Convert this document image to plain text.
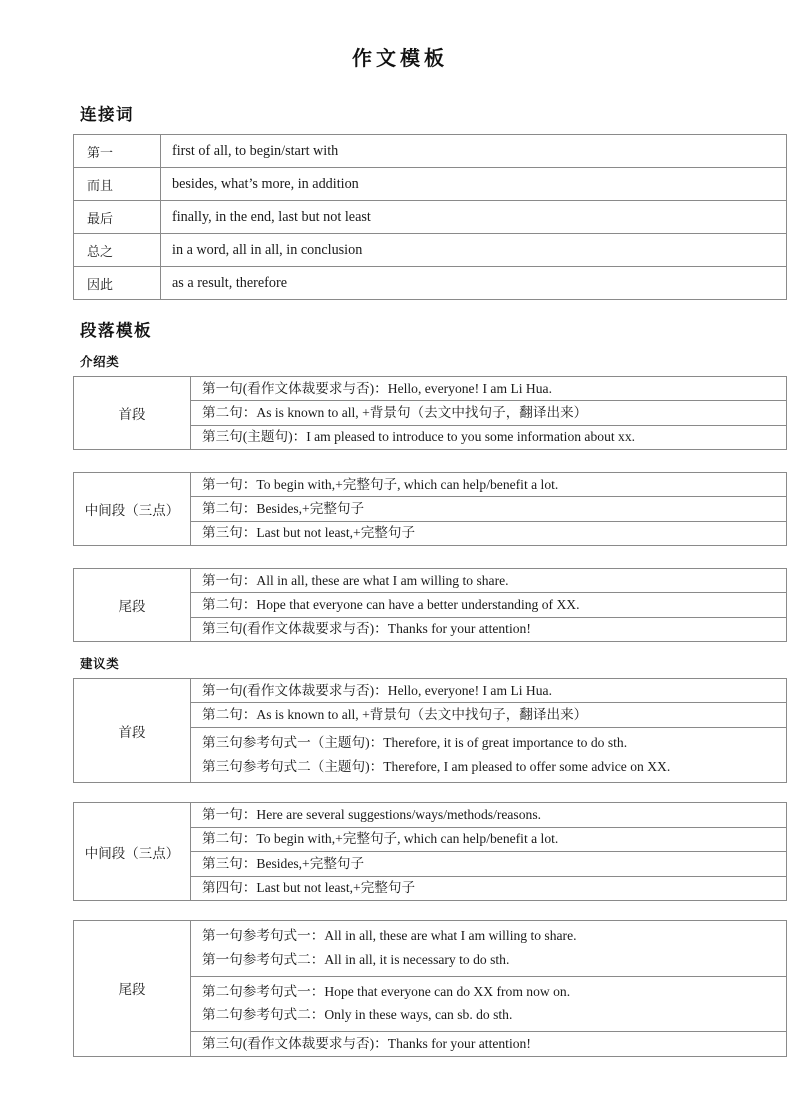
作文模板
连接词
第一	first of all, to begin/start with
而且	besides, what’s more, in addition
最后	finally, in the end, last but not least
总之	in a word, all in all, in conclusion
因此	as a result, therefore
段落模板
介绍类
首段	第一句(看作文体裁要求与否)：Hello, everyone! I am Li Hua.
第二句：As is known to all, +背景句（去文中找句子，翻译出来）
第三句(主题句)：I am pleased to introduce to you some information about xx.
中间段（三点）	第一句：To begin with,+完整句子, which can help/benefit a lot.
第二句：Besides,+完整句子
第三句：Last but not least,+完整句子
尾段	第一句：All in all, these are what I am willing to share.
第二句：Hope that everyone can have a better understanding of XX.
第三句(看作文体裁要求与否)：Thanks for your attention!
建议类
首段	第一句(看作文体裁要求与否)：Hello, everyone! I am Li Hua.
第二句：As is known to all, +背景句（去文中找句子，翻译出来）

第三句参考句式一（主题句)：Therefore, it is of great importance to do sth.
第三句参考句式二（主题句)：Therefore, I am pleased to offer some advice on XX.
中间段（三点）	第一句：Here are several suggestions/ways/methods/reasons.
第二句：To begin with,+完整句子, which can help/benefit a lot.
第三句：Besides,+完整句子
第四句：Last but not least,+完整句子
尾段	
第一句参考句式一：All in all, these are what I am willing to share.
第一句参考句式二：All in all, it is necessary to do sth.

第二句参考句式一：Hope that everyone can do XX from now on.
第二句参考句式二：Only in these ways, can sb. do sth.

第三句(看作文体裁要求与否)：Thanks for your attention!
